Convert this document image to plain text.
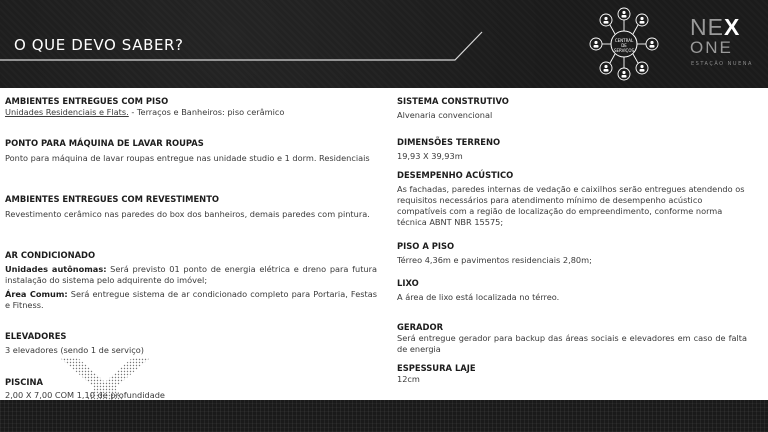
O QUE DEVO SABER?	CENTRAL
DE SERVIÇOS
NEX
ONE
ESTAÇÃO NUENA
AMBIENTES ENTREGUES COM PISO
Unidades Residenciais e Flats. - Terraços e Banheiros: piso cerâmico
PONTO PARA MÁQUINA DE LAVAR ROUPAS
Ponto para máquina de lavar roupas entregue nas unidade studio e 1 dorm. Residenciais
AMBIENTES ENTREGUES COM REVESTIMENTO
Revestimento cerâmico nas paredes do box dos banheiros, demais paredes com pintura.
AR CONDICIONADO
Unidades autônomas: Será previsto 01 ponto de energia elétrica e dreno para futura instalação do sistema pelo adquirente do imóvel;
Área Comum: Será entregue sistema de ar condicionado completo para Portaria, Festas e Fitness.
ELEVADORES
3 elevadores (sendo 1 de serviço)
PISCINA
2,00 X 7,00 COM 1,10 de profundidade
SISTEMA CONSTRUTIVO
Alvenaria convencional
DIMENSÕES TERRENO
19,93 X 39,93m
DESEMPENHO ACÚSTICO
As fachadas, paredes internas de vedação e caixilhos serão entregues atendendo os requisitos necessários para atendimento mínimo de desempenho acústico compatíveis com a região de localização do empreendimento, conforme norma técnica ABNT NBR 15575;
PISO A PISO
Térreo 4,36m e pavimentos residenciais 2,80m;
LIXO
A área de lixo está localizada no térreo.
GERADOR
Será entregue gerador para backup das áreas sociais e elevadores em caso de falta de energia
ESPESSURA LAJE
12cm
